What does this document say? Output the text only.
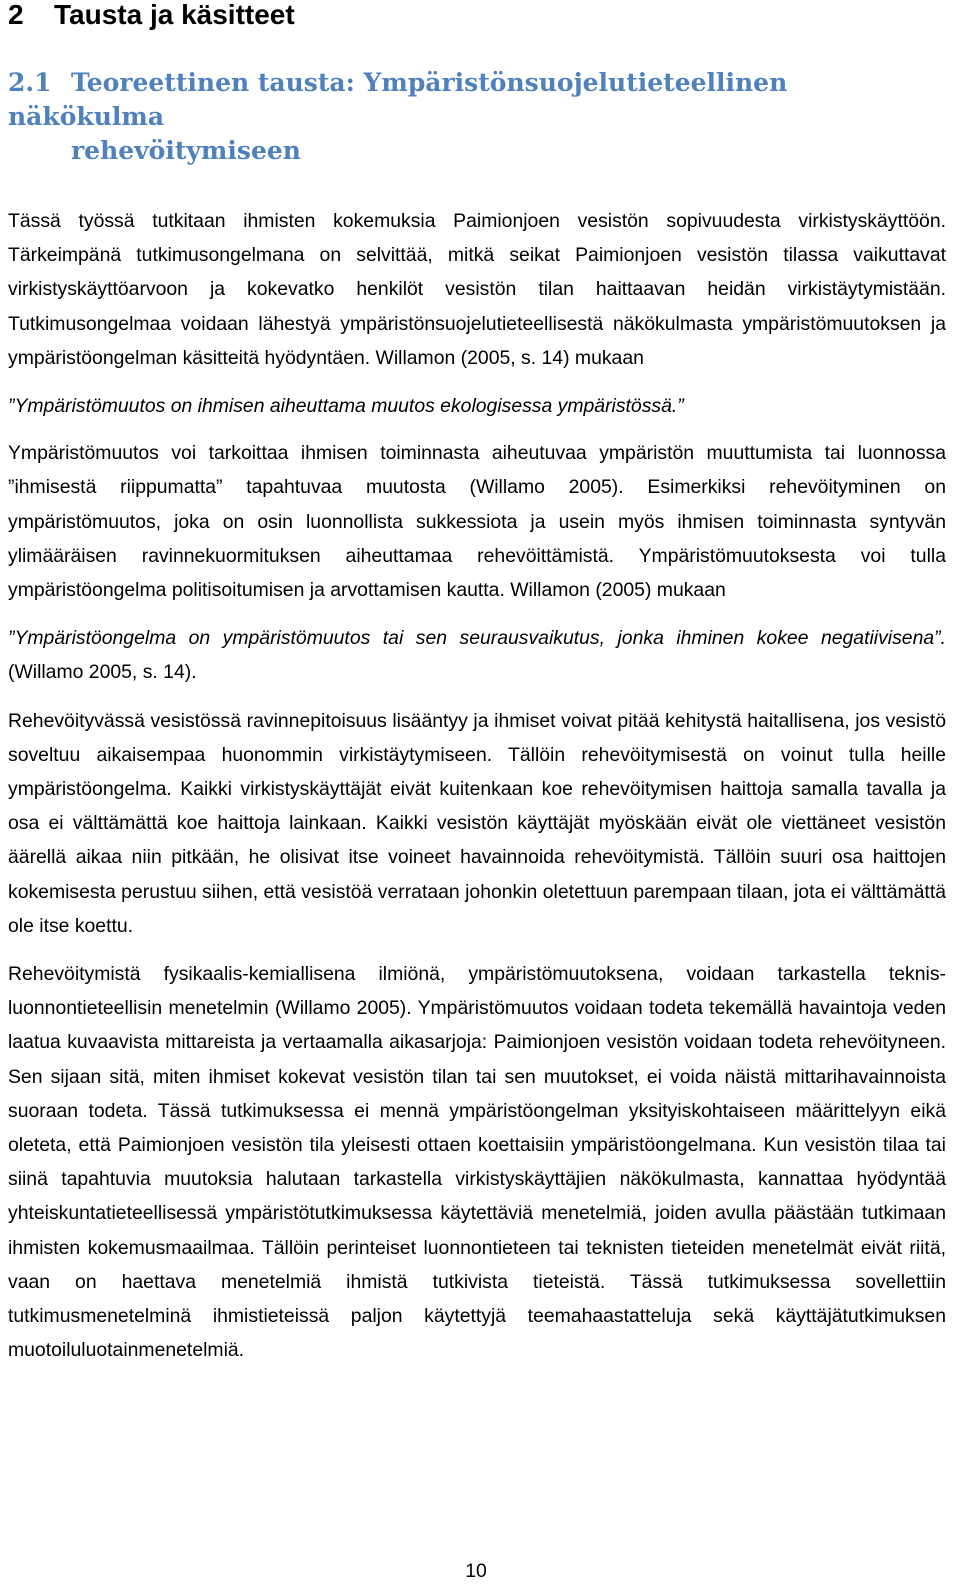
2 Tausta ja käsitteet
2.1 Teoreettinen tausta: Ympäristönsuojelutieteellinen näkökulma
rehevöitymiseen

Tässä työssä tutkitaan ihmisten kokemuksia Paimionjoen vesistön sopivuudesta virkistyskäyttöön. Tärkeimpänä tutkimusongelmana on selvittää, mitkä seikat Paimionjoen vesistön tilassa vaikuttavat virkistyskäyttöarvoon ja kokevatko henkilöt vesistön tilan haittaavan heidän virkistäytymistään. Tutkimusongelmaa voidaan lähestyä ympäristönsuojelutieteellisestä näkökulmasta ympäristömuutoksen ja ympäristöongelman käsitteitä hyödyntäen. Willamon (2005, s. 14) mukaan

”Ympäristömuutos on ihmisen aiheuttama muutos ekologisessa ympäristössä.”

Ympäristömuutos voi tarkoittaa ihmisen toiminnasta aiheutuvaa ympäristön muuttumista tai luonnossa ”ihmisestä riippumatta” tapahtuvaa muutosta (Willamo 2005). Esimerkiksi rehevöityminen on ympäristömuutos, joka on osin luonnollista sukkessiota ja usein myös ihmisen toiminnasta syntyvän ylimääräisen ravinnekuormituksen aiheuttamaa rehevöittämistä. Ympäristömuutoksesta voi tulla ympäristöongelma politisoitumisen ja arvottamisen kautta. Willamon (2005) mukaan

”Ympäristöongelma on ympäristömuutos tai sen seurausvaikutus, jonka ihminen kokee negatiivisena”. (Willamo 2005, s. 14).

Rehevöityvässä vesistössä ravinnepitoisuus lisääntyy ja ihmiset voivat pitää kehitystä haitallisena, jos vesistö soveltuu aikaisempaa huonommin virkistäytymiseen. Tällöin rehevöitymisestä on voinut tulla heille ympäristöongelma. Kaikki virkistyskäyttäjät eivät kuitenkaan koe rehevöitymisen haittoja samalla tavalla ja osa ei välttämättä koe haittoja lainkaan. Kaikki vesistön käyttäjät myöskään eivät ole viettäneet vesistön äärellä aikaa niin pitkään, he olisivat itse voineet havainnoida rehevöitymistä. Tällöin suuri osa haittojen kokemisesta perustuu siihen, että vesistöä verrataan johonkin oletettuun parempaan tilaan, jota ei välttämättä ole itse koettu.

Rehevöitymistä fysikaalis-kemiallisena ilmiönä, ympäristömuutoksena, voidaan tarkastella teknis-luonnontieteellisin menetelmin (Willamo 2005). Ympäristömuutos voidaan todeta tekemällä havaintoja veden laatua kuvaavista mittareista ja vertaamalla aikasarjoja: Paimionjoen vesistön voidaan todeta rehevöityneen. Sen sijaan sitä, miten ihmiset kokevat vesistön tilan tai sen muutokset, ei voida näistä mittarihavainnoista suoraan todeta. Tässä tutkimuksessa ei mennä ympäristöongelman yksityiskohtaiseen määrittelyyn eikä oleteta, että Paimionjoen vesistön tila yleisesti ottaen koettaisiin ympäristöongelmana. Kun vesistön tilaa tai siinä tapahtuvia muutoksia halutaan tarkastella virkistyskäyttäjien näkökulmasta, kannattaa hyödyntää yhteiskuntatieteellisessä ympäristötutkimuksessa käytettäviä menetelmiä, joiden avulla päästään tutkimaan ihmisten kokemusmaailmaa. Tällöin perinteiset luonnontieteen tai teknisten tieteiden menetelmät eivät riitä, vaan on haettava menetelmiä ihmistä tutkivista tieteistä. Tässä tutkimuksessa sovellettiin tutkimusmenetelminä ihmistieteissä paljon käytettyjä teemahaastatteluja sekä käyttäjätutkimuksen muotoiluluotainmenetelmiä.

10
